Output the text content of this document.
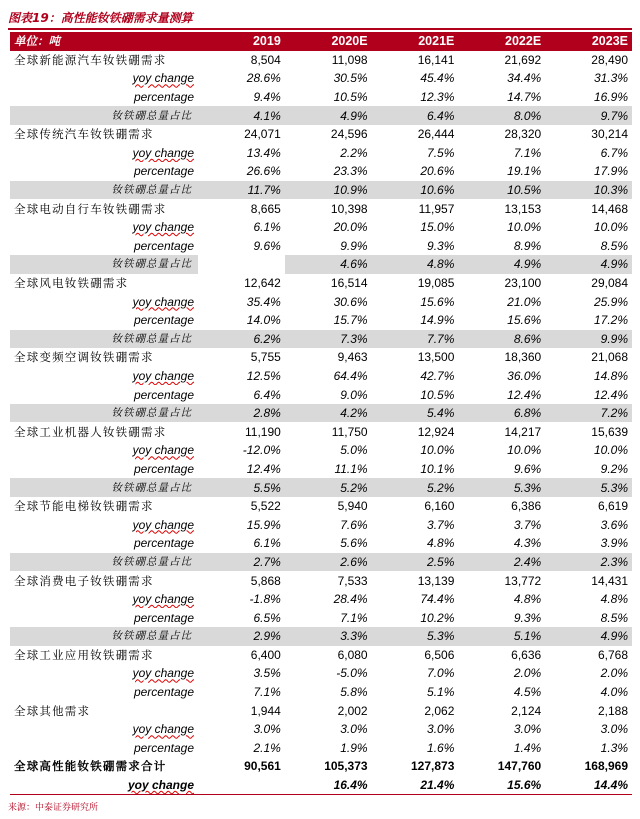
图表19：高性能钕铁硼需求量测算
单位：吨	2019	2020E	2021E	2022E	2023E
全球新能源汽车钕铁硼需求	8,504	11,098	16,141	21,692	28,490
yoy change	28.6%	30.5%	45.4%	34.4%	31.3%
percentage	9.4%	10.5%	12.3%	14.7%	16.9%
钕铁硼总量占比	4.1%	4.9%	6.4%	8.0%	9.7%
全球传统汽车钕铁硼需求	24,071	24,596	26,444	28,320	30,214
yoy change	13.4%	2.2%	7.5%	7.1%	6.7%
percentage	26.6%	23.3%	20.6%	19.1%	17.9%
钕铁硼总量占比	11.7%	10.9%	10.6%	10.5%	10.3%
全球电动自行车钕铁硼需求	8,665	10,398	11,957	13,153	14,468
yoy change	6.1%	20.0%	15.0%	10.0%	10.0%
percentage	9.6%	9.9%	9.3%	8.9%	8.5%
钕铁硼总量占比		4.6%	4.8%	4.9%	4.9%
全球风电钕铁硼需求	12,642	16,514	19,085	23,100	29,084
yoy change	35.4%	30.6%	15.6%	21.0%	25.9%
percentage	14.0%	15.7%	14.9%	15.6%	17.2%
钕铁硼总量占比	6.2%	7.3%	7.7%	8.6%	9.9%
全球变频空调钕铁硼需求	5,755	9,463	13,500	18,360	21,068
yoy change	12.5%	64.4%	42.7%	36.0%	14.8%
percentage	6.4%	9.0%	10.5%	12.4%	12.4%
钕铁硼总量占比	2.8%	4.2%	5.4%	6.8%	7.2%
全球工业机器人钕铁硼需求	11,190	11,750	12,924	14,217	15,639
yoy change	-12.0%	5.0%	10.0%	10.0%	10.0%
percentage	12.4%	11.1%	10.1%	9.6%	9.2%
钕铁硼总量占比	5.5%	5.2%	5.2%	5.3%	5.3%
全球节能电梯钕铁硼需求	5,522	5,940	6,160	6,386	6,619
yoy change	15.9%	7.6%	3.7%	3.7%	3.6%
percentage	6.1%	5.6%	4.8%	4.3%	3.9%
钕铁硼总量占比	2.7%	2.6%	2.5%	2.4%	2.3%
全球消费电子钕铁硼需求	5,868	7,533	13,139	13,772	14,431
yoy change	-1.8%	28.4%	74.4%	4.8%	4.8%
percentage	6.5%	7.1%	10.2%	9.3%	8.5%
钕铁硼总量占比	2.9%	3.3%	5.3%	5.1%	4.9%
全球工业应用钕铁硼需求	6,400	6,080	6,506	6,636	6,768
yoy change	3.5%	-5.0%	7.0%	2.0%	2.0%
percentage	7.1%	5.8%	5.1%	4.5%	4.0%
全球其他需求	1,944	2,002	2,062	2,124	2,188
yoy change	3.0%	3.0%	3.0%	3.0%	3.0%
percentage	2.1%	1.9%	1.6%	1.4%	1.3%
全球高性能钕铁硼需求合计	90,561	105,373	127,873	147,760	168,969
yoy change		16.4%	21.4%	15.6%	14.4%
来源：中泰证券研究所
